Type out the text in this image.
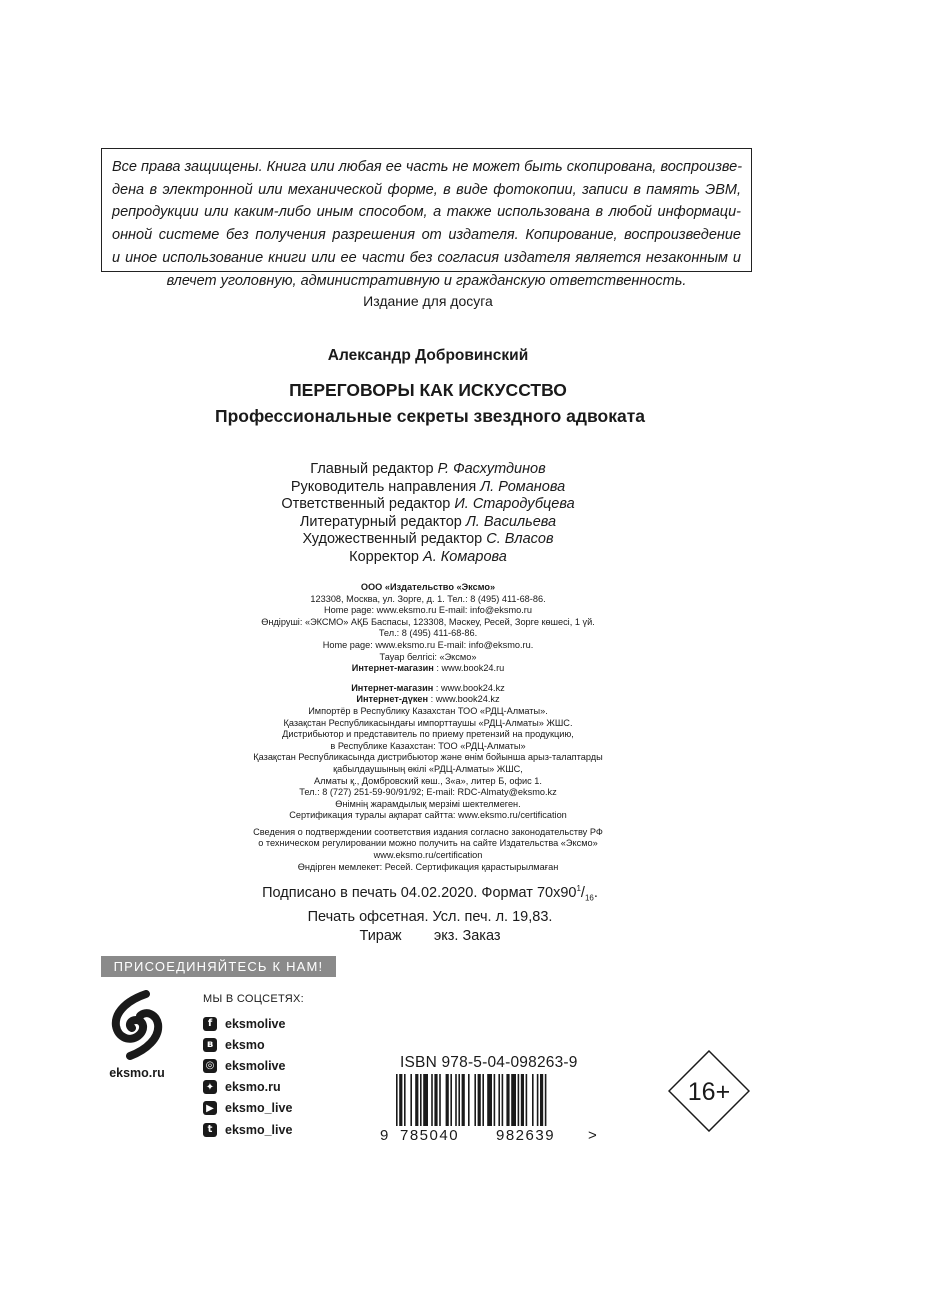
Все права защищены. Книга или любая ее часть не может быть скопирована, воспроизве-
дена в электронной или механической форме, в виде фотокопии, записи в память ЭВМ,
репродукции или каким-либо иным способом, а также использована в любой информаци-
онной системе без получения разрешения от издателя. Копирование, воспроизведение
и иное использование книги или ее части без согласия издателя является незаконным и
влечет уголовную, административную и гражданскую ответственность.
Издание для досуга
Александр Добровинский
ПЕРЕГОВОРЫ КАК ИСКУССТВО
Профессиональные секреты звездного адвоката
Главный редактор Р. Фасхутдинов
Руководитель направления Л. Романова
Ответственный редактор И. Стародубцева
Литературный редактор Л. Васильева
Художественный редактор С. Власов
Корректор А. Комарова
ООО «Издательство «Эксмо»
123308, Москва, ул. Зорге, д. 1. Тел.: 8 (495) 411-68-86.
Home page: www.eksmo.ru E-mail: info@eksmo.ru
Өндіруші: «ЭКСМО» АҚБ Баспасы, 123308, Мәскеу, Ресей, Зорге көшесі, 1 үй.
Тел.: 8 (495) 411-68-86.
Home page: www.eksmo.ru E-mail: info@eksmo.ru.
Тауар белгісі: «Эксмо»
Интернет-магазин : www.book24.ru
Интернет-магазин : www.book24.kz
Интернет-дүкен : www.book24.kz
Импортёр в Республику Казахстан ТОО «РДЦ-Алматы».
Қазақстан Республикасындағы импорттаушы «РДЦ-Алматы» ЖШС.
Дистрибьютор и представитель по приему претензий на продукцию,
в Республике Казахстан: ТОО «РДЦ-Алматы»
Қазақстан Республикасында дистрибьютор және өнім бойынша арыз-талаптарды
қабылдаушының өкілі «РДЦ-Алматы» ЖШС,
Алматы қ., Домбровский көш., 3«а», литер Б, офис 1.
Тел.: 8 (727) 251-59-90/91/92; E-mail: RDC-Almaty@eksmo.kz
Өнімнің жарамдылық мерзімі шектелмеген.
Сертификация туралы ақпарат сайтта: www.eksmo.ru/certification
Сведения о подтверждении соответствия издания согласно законодательству РФ
о техническом регулировании можно получить на сайте Издательства «Эксмо»
www.eksmo.ru/certification
Өндірген мемлекет: Ресей. Сертификация қарастырылмаған
Подписано в печать 04.02.2020. Формат $70x90^1/_{16}$.
Печать офсетная. Усл. печ. л. 19,83.
Тираж        экз. Заказ
ПРИСОЕДИНЯЙТЕСЬ К НАМ!
eksmo.ru
МЫ В СОЦСЕТЯХ:
f	eksmolive
в eksmo
◎ eksmolive
✦ eksmo.ru
▶ eksmo_live
t	eksmo_live
ISBN 978-5-04-098263-9
9 785040 982639 >
16+
